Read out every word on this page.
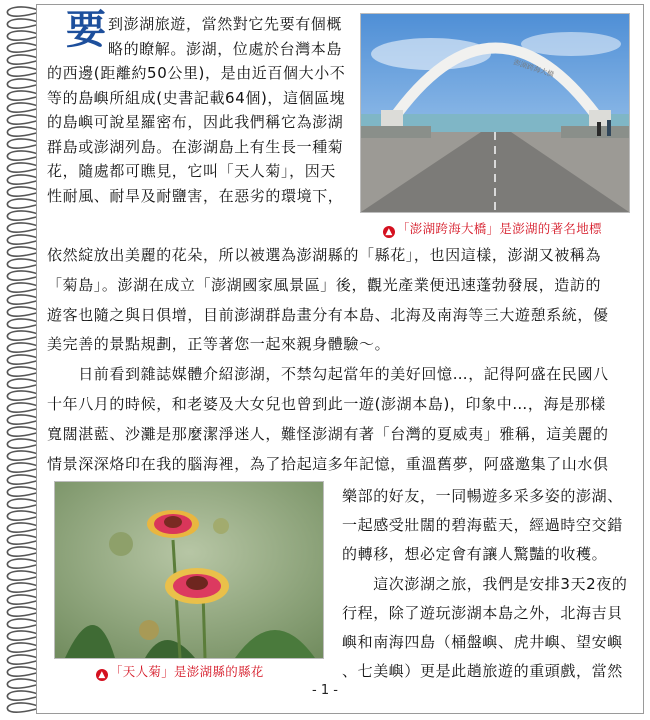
要 到澎湖旅遊，當然對它先要有個概
略的瞭解。澎湖，位處於台灣本島
的西邊(距離約50公里)，是由近百個大小不
等的島嶼所組成(史書記載64個)，這個區塊
的島嶼可說星羅密布，因此我們稱它為澎湖
群島或澎湖列島。在澎湖島上有生長一種菊
花，隨處都可瞧見，它叫「天人菊」，因天
性耐風、耐旱及耐鹽害，在惡劣的環境下，
澎湖跨海大橋
▲ 「澎湖跨海大橋」是澎湖的著名地標
依然綻放出美麗的花朵，所以被選為澎湖縣的「縣花」，也因這樣，澎湖又被稱為
「菊島」。澎湖在成立「澎湖國家風景區」後，觀光產業便迅速蓬勃發展，造訪的
遊客也隨之與日俱增，目前澎湖群島畫分有本島、北海及南海等三大遊憩系統，優
美完善的景點規劃，正等著您一起來親身體驗～。
　　日前看到雜誌媒體介紹澎湖，不禁勾起當年的美好回憶…，記得阿盛在民國八
十年八月的時候，和老婆及大女兒也曾到此一遊(澎湖本島)，印象中…，海是那樣
寬闊湛藍、沙灘是那麼潔淨迷人，難怪澎湖有著「台灣的夏威夷」雅稱，這美麗的
情景深深烙印在我的腦海裡，為了拾起這多年記憶，重溫舊夢，阿盛邀集了山水俱
▲ 「天人菊」是澎湖縣的縣花
樂部的好友，一同暢遊多采多姿的澎湖、
一起感受壯闊的碧海藍天，經過時空交錯
的轉移，想必定會有讓人驚豔的收穫。
　　這次澎湖之旅，我們是安排3天2夜的
行程，除了遊玩澎湖本島之外，北海吉貝
嶼和南海四島（桶盤嶼、虎井嶼、望安嶼
、七美嶼）更是此趟旅遊的重頭戲，當然
- 1 -
